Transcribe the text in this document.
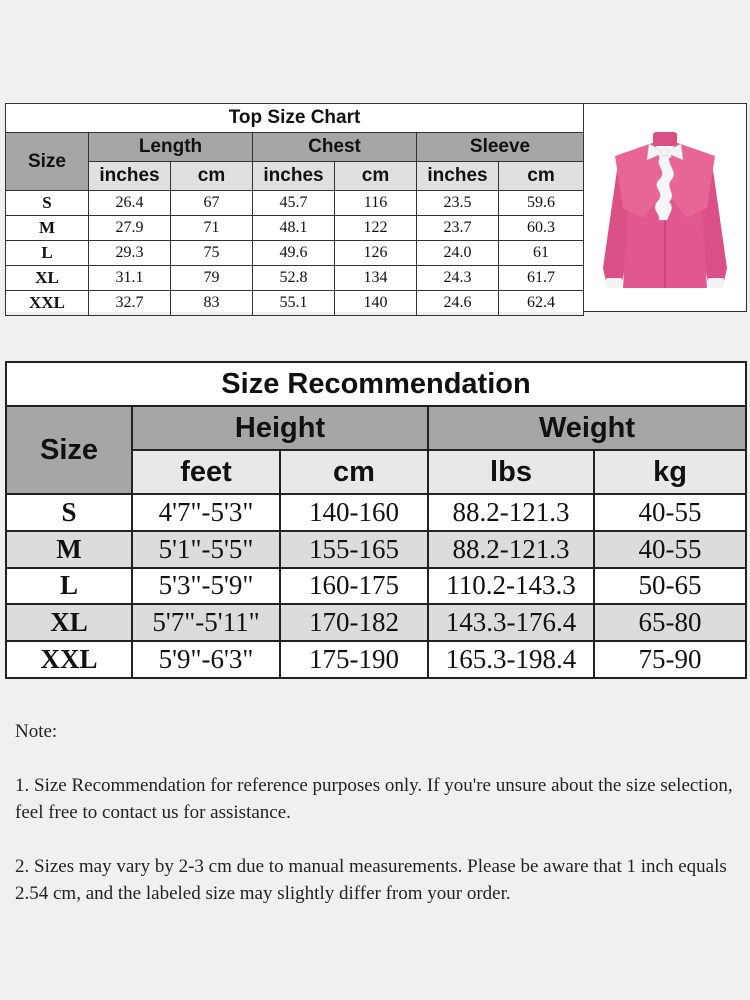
Top Size Chart						
Size	Length		Chest		Sleeve	
	inches	cm	inches	cm	inches	cm
S	26.4	67	45.7	116	23.5	59.6
M	27.9	71	48.1	122	23.7	60.3
L	29.3	75	49.6	126	24.0	61
XL	31.1	79	52.8	134	24.3	61.7
XXL	32.7	83	55.1	140	24.6	62.4
Size Recommendation				
Size	Height		Weight	
	feet	cm	lbs	kg
S	4'7"-5'3"	140-160	88.2-121.3	40-55
M	5'1"-5'5"	155-165	88.2-121.3	40-55
L	5'3"-5'9"	160-175	110.2-143.3	50-65
XL	5'7"-5'11"	170-182	143.3-176.4	65-80
XXL	5'9"-6'3"	175-190	165.3-198.4	75-90

Note:

1. Size Recommendation for reference purposes only. If you're unsure about the size selection, feel free to contact us for assistance.

2. Sizes may vary by 2-3 cm due to manual measurements. Please be aware that 1 inch equals 2.54 cm, and the labeled size may slightly differ from your order.
